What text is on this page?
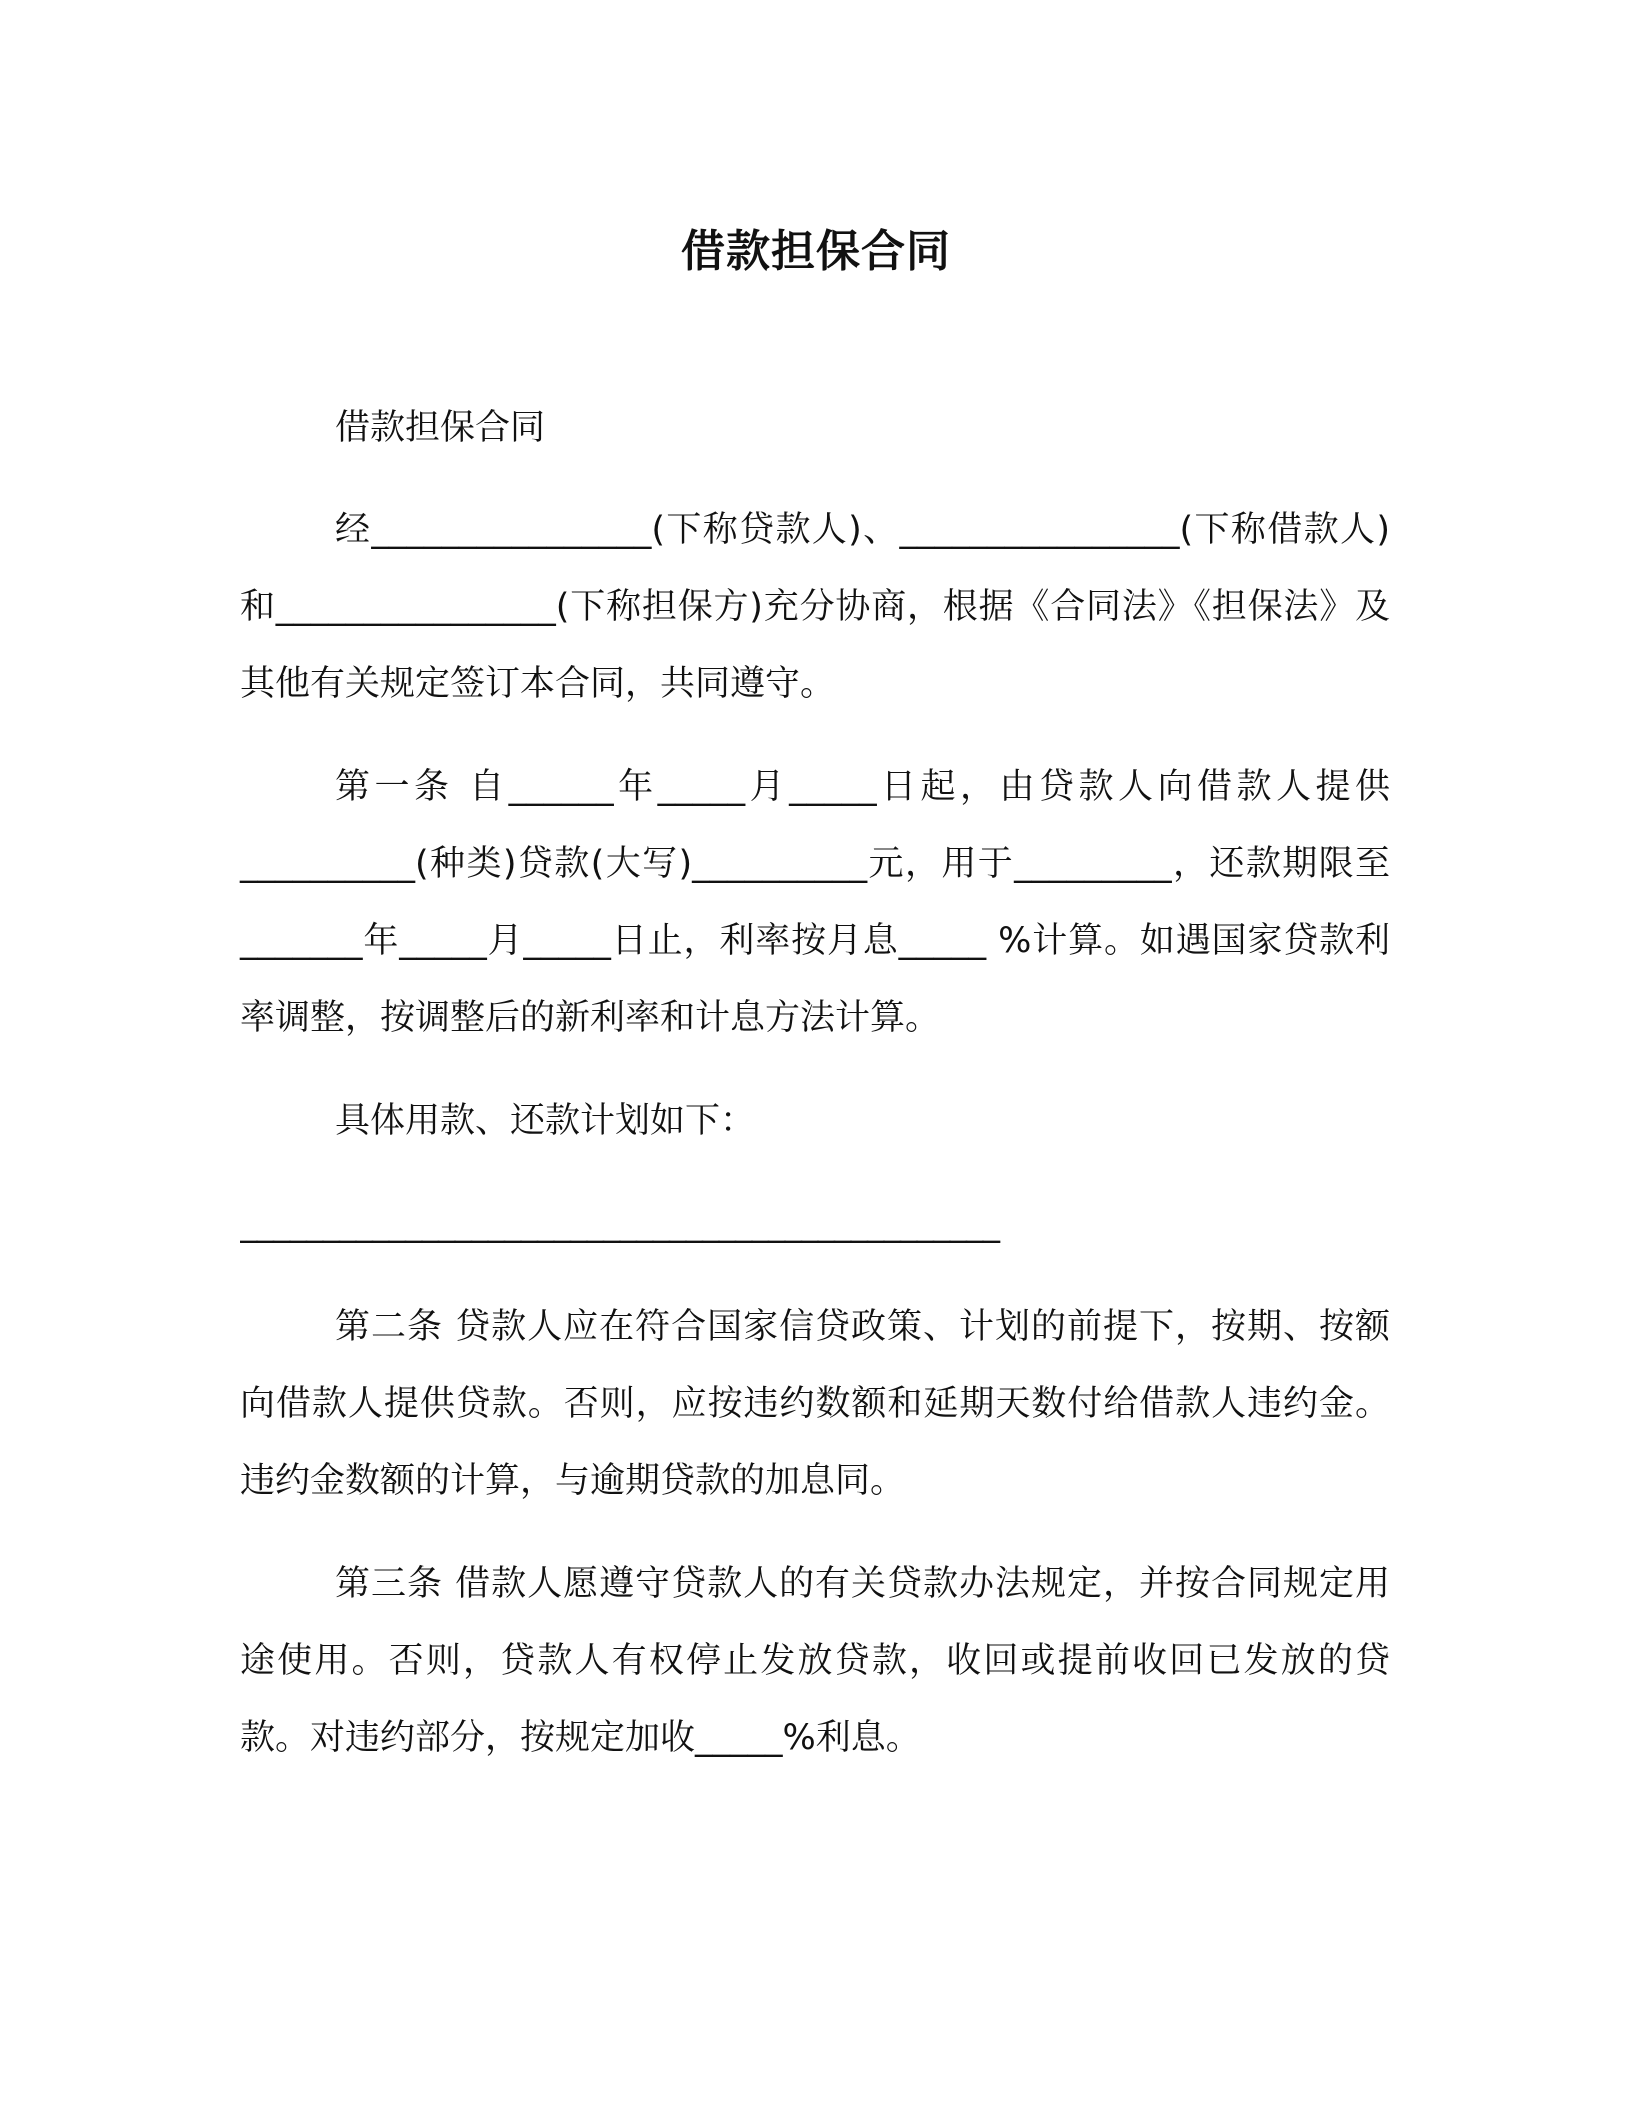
借款担保合同

借款担保合同

经________________(下称贷款人)、________________(下称借款人)和________________(下称担保方)充分协商，根据《合同法》《担保法》及其他有关规定签订本合同，共同遵守。

第一条 自______年_____月_____日起，由贷款人向借款人提供__________(种类)贷款(大写)__________元，用于_________，还款期限至_______年_____月_____日止，利率按月息_____ %计算。如遇国家贷款利率调整，按调整后的新利率和计息方法计算。

具体用款、还款计划如下：

______________________________________________

第二条 贷款人应在符合国家信贷政策、计划的前提下，按期、按额向借款人提供贷款。否则，应按违约数额和延期天数付给借款人违约金。违约金数额的计算，与逾期贷款的加息同。

第三条 借款人愿遵守贷款人的有关贷款办法规定，并按合同规定用途使用。否则，贷款人有权停止发放贷款，收回或提前收回已发放的贷款。对违约部分，按规定加收_____%利息。
